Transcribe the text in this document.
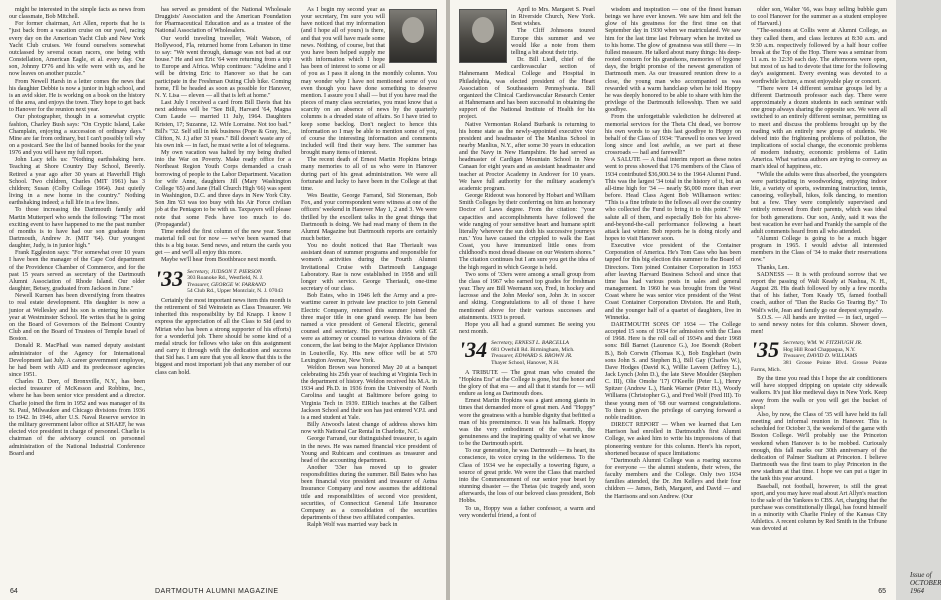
might be interested in the simple facts as news from our classmate, Bob Mitchell.

For former chairman, Art Allen, reports that he is "just back from a vacation cruise on our yawl, racing every day on the American Yacht Club and New York Yacht Club cruises. We found ourselves somewhat outclassed by several ocean racers, one being with Constellation, American Eagle, et al. every day. Our son, Johnny D'76 and his wife were with us, and he now leaves on another puzzle."

From Newell Harsh in a letter comes the news that his daughter Debbie is now a junior in high school, and is an avid skier. He is working on a book on the history of the area, and enjoys the town. They hope to get back to Hanover for the reunion next year.

Our photographer, though in a somewhat cryptic fashion, Charley Bush says: "On Cryptic Island, Lake Champlain, enjoying a succession of ordinary days." Mine are far from ordinary, but I can't possibly tell why on a postcard. See the list of banned books for the year 1976 and you will have my full report.

John Lacy tells us: "Nothing earthshaking here. Teaching at Shore Country Day School, Beverly. Retired a year ago after 30 years at Haverhill High School. Two children, Charles (MIT 1961) has 3 children; Susan (Colby College 1964). Just quietly living in a new home in the country." Nothing earthshaking indeed; a full life in a few lines.

To those increasing the Dartmouth family add Martin Mutterperl who sends the following: "The most exciting event to have happened to me the past number of months is to have had our son graduate from Dartmouth, Andrew Jr. (MIT '64). Our youngest daughter, Judy, is in junior high."

Frank Eggleston says: "For somewhat over 10 years I have been the manager of the Cape Cod department of the Providence Chamber of Commerce, and for the past 15 years served as secretary of the Dartmouth Alumni Association of Rhode Island. Our older daughter, Betsey, graduated from Jackson in June."

Newell Kurnen has been diversifying from theatres to real estate development. His daughter is now a junior at Wellesley and his son is entering his senior year at Westminster School. He writes that he is going on the Board of Governors of the Belmont Country Club and on the Board of Trustees of Temple Israel of Boston.

Donald R. MacPhail was named deputy assistant administrator of the Agency for International Development last July. A career government employee, he had been with AID and its predecessor agencies since 1951.

Charles D. Dorr, of Bronxville, N.Y., has been elected treasurer of McKesson and Robbins, Inc., where he has been senior vice president and a director. Charlie joined the firm in 1952 and was manager of its St. Paul, Milwaukee and Chicago divisions from 1936 to 1942. In 1946, after U.S. Naval Reserve service in the military government labor office at SHAEF, he was elected vice president in charge of personnel. Charlie is chairman of the advisory council on personnel administration of the National Industrial Conference Board and

has served as president of the National Wholesale Druggists' Association and the American Foundation for Pharmaceutical Education and as a trustee of the National Association of Wholesalers.

Our world traveling traveller, Walt Watson, of Hollywood, Fla, returned home from Lebanon in time to say: "We went through, damage was not bad at our house." He and son Eric '64 were returning from a trip to Europe and Africa. Whip continues: "Adeline and I will be driving Eric to Hanover so that he can participate in the Freshman Outing Club hike. Coming home, I'll be headed as soon as possible for Hanover, N. Y. Lisa — eleven — all that is left at home."

Last July I received a card from Bill Davis that his next address will be "See Bill, Harvard '64, Magna Cum Laude — married 11 July, 1964. Daughters Kristen, 17; Suzanne, 12. Wife Lorraine. Not too bad." Bill's "32. Self still in ink business (Pope & Gray, Inc., Clifton, N. J.) after 31 years." Bill doesn't waste any of his own ink — in fact, he must write a lot of telegrams.

My own vacation was halted by my being drafted into the War on Poverty. Make ready office for a Northeast Region Youth Corps demanded a crash borrowing of people to the Labor Department. Vacation for wife Anne, daughters Jill (Mary Washington College '65) and Jane (Hall Church High '66) was spent in Washington, D.C. and three days in New York City. Son Jim '63 was too busy with his Air Force civilian job at the Pentagon to be with us. Taxpayers will please note that some Feds have too much to do. (Propaganda!)

Time ended the first column of the new year. Some material fell out for now — we've been warned that this is a big issue. Send news, and return the cards you get — and we'll all enjoy this more.

Maybe we'll hear from Boothbrace next month.

'33 Secretary, JUDSON T. PIERSON
303 Roanoke Rd., Westfield, N. J.
Treasurer, GEORGE W. FARRAND
54 Club Rd., Upper Montclair, N. J. 07043

Certainly the most important news item this month is the retirement of Sid Weinstein as Class Treasurer. We inherited this responsibility by Ed Knapp. I know I express the appreciation of all the Class to Sid (and to Mirian who has been a strong supporter of his efforts) for a wonderful job. There should be some kind of a medal struck for fellows who take on this assignment and carry it through with the dedication and success that Sid has. I am sure that you all know that this is the biggest and most important job that any member of our class can hold.

As I begin my second year as your secretary, I'm sure you will have noticed that my information (and I hope all of yours) is there, and that you will have made some news. Nothing, of course, but that you have been helped supply me with information which I hope has been of interest to some or all of you as I pass it along in the monthly column. You may wonder why I have not mentioned some of you even though you have done something to deserve mention. I assure you I shall — but if you have read the pieces of many class secretaries, you must know that a scarcity on an absence of news by the quarterly columns is a dreaded state of affairs. So I have tried to keep some backlog. Don't neglect to hence this information so I may be able to mention some of you, of course the interesting information and comments included will find their way here. The summer has brought many items of interest.

The recent death of Ernest Martin Hopkins brings many memories to all of us who were in Hanover during part of his great administration. We were all fortunate and lucky to have been in the College at that time.

Wes Beattie, George Farrand, Sid Stoneman, Bob Fox, and your correspondent were witness at one of the officers' weekend in Hanover May 1, 2 and 3. We were thrilled by the excellent talks in the great things that Dartmouth is doing. We had read many of them in the Alumni Magazine but Dartmouth reports are certainly much better.

You no doubt noticed that Rae Theriault was assistant dean of summer programs and responsible for women's activities during the Fourth Alumni Invitational Cruise with Dartmouth Language Laboratory. Rae is now established in 1958 and still longer with service. George Theriault, one-time secretary of our class.

Bob Estes, who in 1946 left the Army and a pre-wartime career in private law practice to join General Electric Company, returned this summer joined the three major title in one grand sweep. He has been named a vice president of General Electric, general counsel and secretary. His previous duties with GE were as attorney or counsel to various divisions of the concern, the last being to the Major Appliance Division in Louisville, Ky. His new office will be at 570 Lexington Avenue, New York.

Weldon Brown was honored May 20 at a banquet celebrating his 25th year of teaching at Virginia Tech in the department of history. Weldon received his M.A. in 1934 and Ph.D. in 1936 from the University of North Carolina and taught at Baltimore before going to Virginia Tech in 1939. EIRich teaches at the Gilbert Jackson School and their son has just entered V.P.I. and is a med student at Yale.

Billy Atwood's latest change of address shows him now with National Car Rental in Charlotte, N.C.

George Farrand, our distinguished treasurer, is again in the news. He was named financial vice president of Young and Rubicam and continues as treasurer and head of the accounting department.

Another '33er has moved up to greater responsibilities during the summer. Bill Bates who has been financial vice president and treasurer of Aetna Insurance Company and now assumes the additional title and responsibilities of second vice president, securities, of Connecticut General Life Insurance Company as a consolidation of the securities departments of these two affiliated companies.

Ralph Wolf was married way back in

64	DARTMOUTH ALUMNI MAGAZINE

April to Mrs. Margaret S. Pearl in Riverside Church, New York. Best wishes.

The Cliff Johnsons toured Europe this summer and we would like a note from them telling a bit about their trip.

Dr. Bill Liedl, chief of the cardiovascular section of Hahnemann Medical College and Hospital in Philadelphia, was elected president of the Heart Association of Southeastern Pennsylvania. Bill organized the Clinical Cardiovascular Research Center at Hahnemann and has been successful in obtaining the support of the National Institute of Health for his project.

Native Vermontan Roland Burbank is returning to his home state as the newly-appointed executive vice president and headmaster of The Manlius School in nearby Manlius, N.Y., after some 30 years in education and the Navy in New Hampshire. He had served as headmaster of Cardigan Mountain School in New Canaan for eight years and as assistant headmaster and teacher at Proctor Academy in Andover for 10 years. We have full authority for the military academy's academic program.

George Rideout was honored by Hobart and William Smith Colleges by their conferring on him an honorary Doctor of Laws degree. From the citation: "your capacities and accomplishments have followed the wide ranging of your sensitive heart and humane spirit literally 'wherever the sun doth his successive journeys run.' You have caused the crippled to walk the East Coast, you have immunized little ones from childhood's most dread disease on our Western shores." The citation continues but I am sure you get the idea of the high regard in which George is held.

Two sons of '33ers were among a small group from the class of 1967 who earned top grades for freshman year. They are Bill Weemann son, Fred, in hockey and lacrosse and the John Meeks' son, John Jr. in soccer and skiing. Congratulations to all of those I have mentioned above for their various successes and attainments. 1933 is proud.

Hope you all had a grand summer. Be seeing you next month.

'34 Secretary, ERNEST L. BARCELLA
681 Overhill Rd. Birmingham, Mich.
Treasurer, EDWARD S. BROWN JR.
Thayer School, Hanover, N.H.

A TRIBUTE — The great man who created the "Hopkins Era" at the College is gone, but the honor and the glory of that era — and all that it stands for — will endure as long as Dartmouth does.

Ernest Martin Hopkins was a giant among giants in times that demanded more of great men. And "Hoppy" wore the greatness with a humble dignity that befitted a man of his preeminence. It was his hallmark. Hoppy was the very embodiment of the warmth, the genuineness and the inspiring quality of what we know to be the Dartmouth spirit.

To our generation, he was Dartmouth — its heart, its conscience, its voice crying in the wilderness. To the Class of 1934 we he especially a towering figure, a source of great pride. We were the Class that marched into the Commencement of our senior year beset by stunning disaster — the Thetas (sic tragedy and, soon afterwards, the loss of our beloved class president, Bob Hobbs.

To us, Hoppy was a father confessor, a warm and very wonderful friend, a font of

wisdom and inspiration — one of the finest human beings we have ever known. We saw him and felt the glow of his greatness for the first time on that September day in 1930 when we matriculated. We saw him for the last time last February when he invited us to his home. The glow of greatness was still there — in fullest measure. He talked about many things: his deep-rooted concern for his grandsons, memories of bygone days, the bright promise of the newest generation of Dartmouth men. As our treasured reunion drew to a close, the young man who accompanied us was rewarded with a warm handclasp when he told Hoppy he was deeply honored to be able to share with him the privilege of the Dartmouth fellowship. Then we said goodbye.

From the unforgettable valediction he delivered at memorial services for the Theta Chi dead, we borrow his own words to say this last goodbye to Hoppy on behalf of the Class of 1934: "Farewell to ones we loved long since and lost awhile, as we part at these crossroads — hail and farewell!"

A SALUTE — A final interim report as these notes went to press showed that 176 members of the Class of 1934 contributed $36,900.34 to the 1964 Alumni Fund. This was the largest '34 total in the history of it, but an all-time high for '34 — nearly $6,000 more than ever before. Head Class Agent Bob Williamson writes: "This is a fine tribute to the fellows all over the country who collected the Fund to bring it to this point." We salute all of them, and especially Bob for his above-and-beyond-the-call performance following a heart attack last winter. Bob reports he is doing nicely and hopes to visit Hanover soon.

Executive vice president of the Container Corporation of America. He's Tom Cass who has been tapped for this big election this summer to the Board of Directors. Tom joined Container Corporation in 1953 after leaving Harvard Business School and since that time has had various posts in sales and general management. In 1960 he was brought from the West Coast where he was senior vice president of the West Coast Container Corporation Division. He and Ruth, and the younger half of a quartet of daughters, live in Winnetka.

DARTMOUTH SONS OF 1934 — The College accepted 15 sons of 1934 for admission with the Class of 1968. Here is the roll call of 1934's and their 1968 sons: Bill Barnet (Laurence G.), Joe Boendt (Robert B.), Bob Corwin (Thomas K.), Bob Englehart (twin sons John S. and Stephen B.), Bill Gay (Charles W.), Dave Hodges (David K.), Willie Laveen (Jeffrey L.), Jack Lynch (John D.), the late Steve Moulder (Stephen C. III), Olie Omohe '17) O'Keeffe (Peter L.), Henry Spitzer (Andrew L.), Hank Warner (Peter H.), Woody Williams (Christopher G.), and Fred Wolf (Fred III). To these young men of '68 our warmest congratulations. To them is given the privilege of carrying forward a noble tradition.

DIRECT REPORT — When we learned that Len Harrison had enrolled in Dartmouth's first Alumni College, we asked him to write his impressions of that pioneering venture for this column. Here's his report, shortened because of space limitations:

"Dartmouth Alumni College was a roaring success for everyone — the alumni students, their wives, the faculty members and the College. Only two 1934 families attended, the Dr. Jim Kelleys and their four children — James, Beth, Margaret, and David — and the Harrisons and son Andrew. (Our

older son, Walter '66, was busy selling bubble gum to cool Hanover for the summer as a student employee of Harvard.)

"The-sessions at Collis were at Alumni College, as they called them, and class lectures at 8:30 a.m. and 9:30 a.m. respectively followed by a half hour coffee break at the Top of the Hop. There was a seminar from 11 a.m. to 12:30 each day. The afternoons were open, but most of us had to devote that time for the following day's assignment. Every evening was devoted to a worthwhile lecture, a most enjoyable play or concert.

"There were 14 different seminar groups led by a different Dartmouth professor each day. There were approximately a dozen students in each seminar with one group always sharing the opposite sex. We were all switched to an entirely different seminar, permitting us to meet and discuss the problems brought up by the reading with an entirely new group of students. We delved into the frightening problems of pollution, the implications of social change, the economic problems of modern industry, economic problems of Latin America. What various authors are trying to convey as man's ideal of happiness, etc.

"While the adults were thus absorbed, the youngsters were participating in woodworking, enjoying indoor life, a variety of sports, swimming instruction, tennis, canoeing, volleyball, hikes, folk dancing, to mention but a few. They were completely supervised and entirely removed from their parents, which was ideal for both generations. Our son, Andy, said it was the best vacation he ever had and Frankly the sample of the adult comments heard from all who attended.

"Alumni College is going to be a much bigger program in 1965. I would advise all interested members in the Class of '34 to make their reservations now."

Thanks, Len.

SADNESS — It is with profound sorrow that we report the passing of Walt Keady at Nashua, N. H., August 28. His death followed by only a few months that of his father, Tom Keady '05, famed football coach, author of "Dan the Rucks Go Tearing By." To Walt's wife, Jean and family go our deepest sympathy.

S.O.S. — All hands are invited — in fact, urged — to send newsy notes for this column. Shower down, men!

'35 Secretary, WM. W. FITZHUGH JR.
Hog Hill Road Chappaqua, N.Y.
Treasurer, DAVID D. WILLIAMS
381 Grosse Pointe Blvd. Grosse Pointe Farms, Mich.

By the time you read this I hope the air conditioners will have stopped dripping on upstate city sidewalk walkers. It's just like medieval days in New York. Keep away from the walls or you will get the bucket of slops!

Also, by now, the Class of '35 will have held its fall meeting and informal reunion in Hanover. This is scheduled for October 3, the weekend of the game with Boston College. We'll probably use the Princeton weekend when Hanover is to be mobbed. Curiously enough, this fall marks our 30th anniversary of the dedication of Palmer Stadium at Princeton. I believe Dartmouth was the first team to play Princeton in the new stadium at that time. I hope we can put a tiger in the tank this year around.

Baseball, not football, however, is still the great sport, and you may have read about Art Allyn's reaction to the sale of the Yankees to CBS. Art, charging that the purchase was constitutionally illegal, has found himself in a minority with Charlie Finley of the Kansas City Athletics. A recent column by Red Smith in the Tribune was devoted at

Issue of OCTOBER 1964
65
